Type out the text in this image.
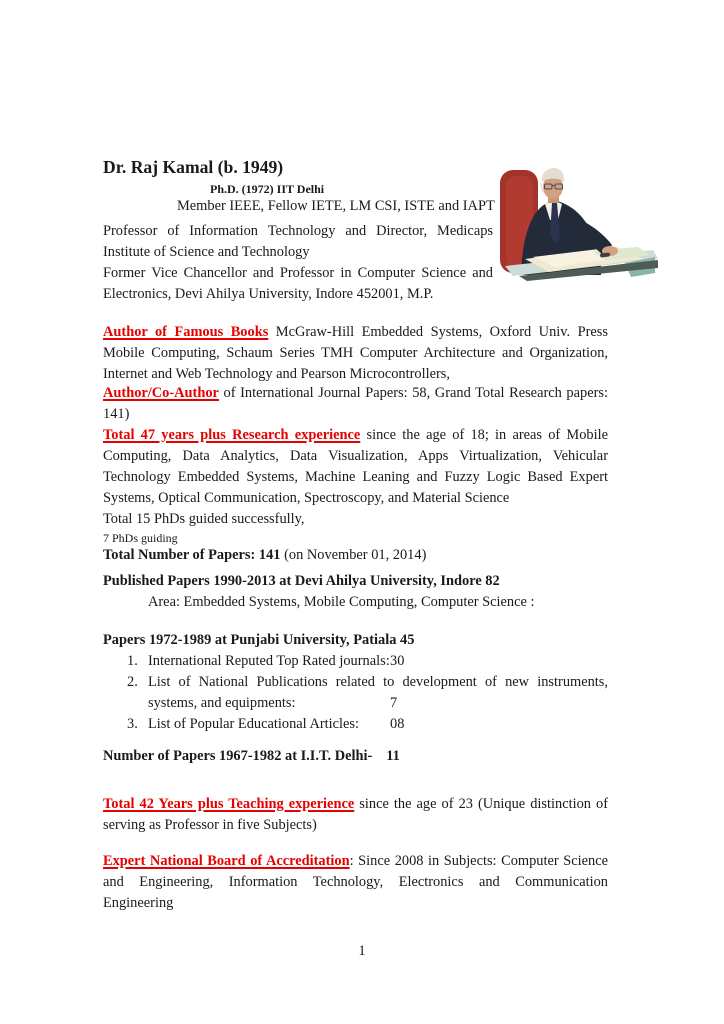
Dr. Raj Kamal (b. 1949)
Ph.D. (1972) IIT Delhi
Member IEEE, Fellow IETE, LM CSI, ISTE and IAPT

Professor of Information Technology and Director, Medicaps Institute of Science and Technology

Former Vice Chancellor and Professor in Computer Science and Electronics, Devi Ahilya University, Indore 452001, M.P.

Author of Famous Books McGraw-Hill Embedded Systems, Oxford Univ. Press Mobile Computing, Schaum Series TMH Computer Architecture and Organization, Internet and Web Technology and Pearson Microcontrollers,

Author/Co-Author of International Journal Papers: 58, Grand Total Research papers: 141)

Total 47 years plus Research experience since the age of 18; in areas of Mobile Computing, Data Analytics, Data Visualization, Apps Virtualization, Vehicular Technology Embedded Systems, Machine Leaning and Fuzzy Logic Based Expert Systems, Optical Communication, Spectroscopy, and Material Science

Total 15 PhDs guided successfully,
7 PhDs guiding

Total Number of Papers: 141 (on November 01, 2014)

Published Papers 1990-2013 at Devi Ahilya University, Indore 82
Area: Embedded Systems, Mobile Computing, Computer Science :
Papers 1972-1989 at Punjabi University, Patiala 45
1. International Reputed Top Rated journals: 30
2. List of National Publications related to development of new instruments,
systems, and equipments:	7
3. List of Popular Educational Articles: 08

Number of Papers 1967-1982 at I.I.T. Delhi- 11

Total 42 Years plus Teaching experience since the age of 23 (Unique distinction of serving as Professor in five Subjects)

Expert National Board of Accreditation: Since 2008 in Subjects: Computer Science and Engineering, Information Technology, Electronics and Communication Engineering

1
